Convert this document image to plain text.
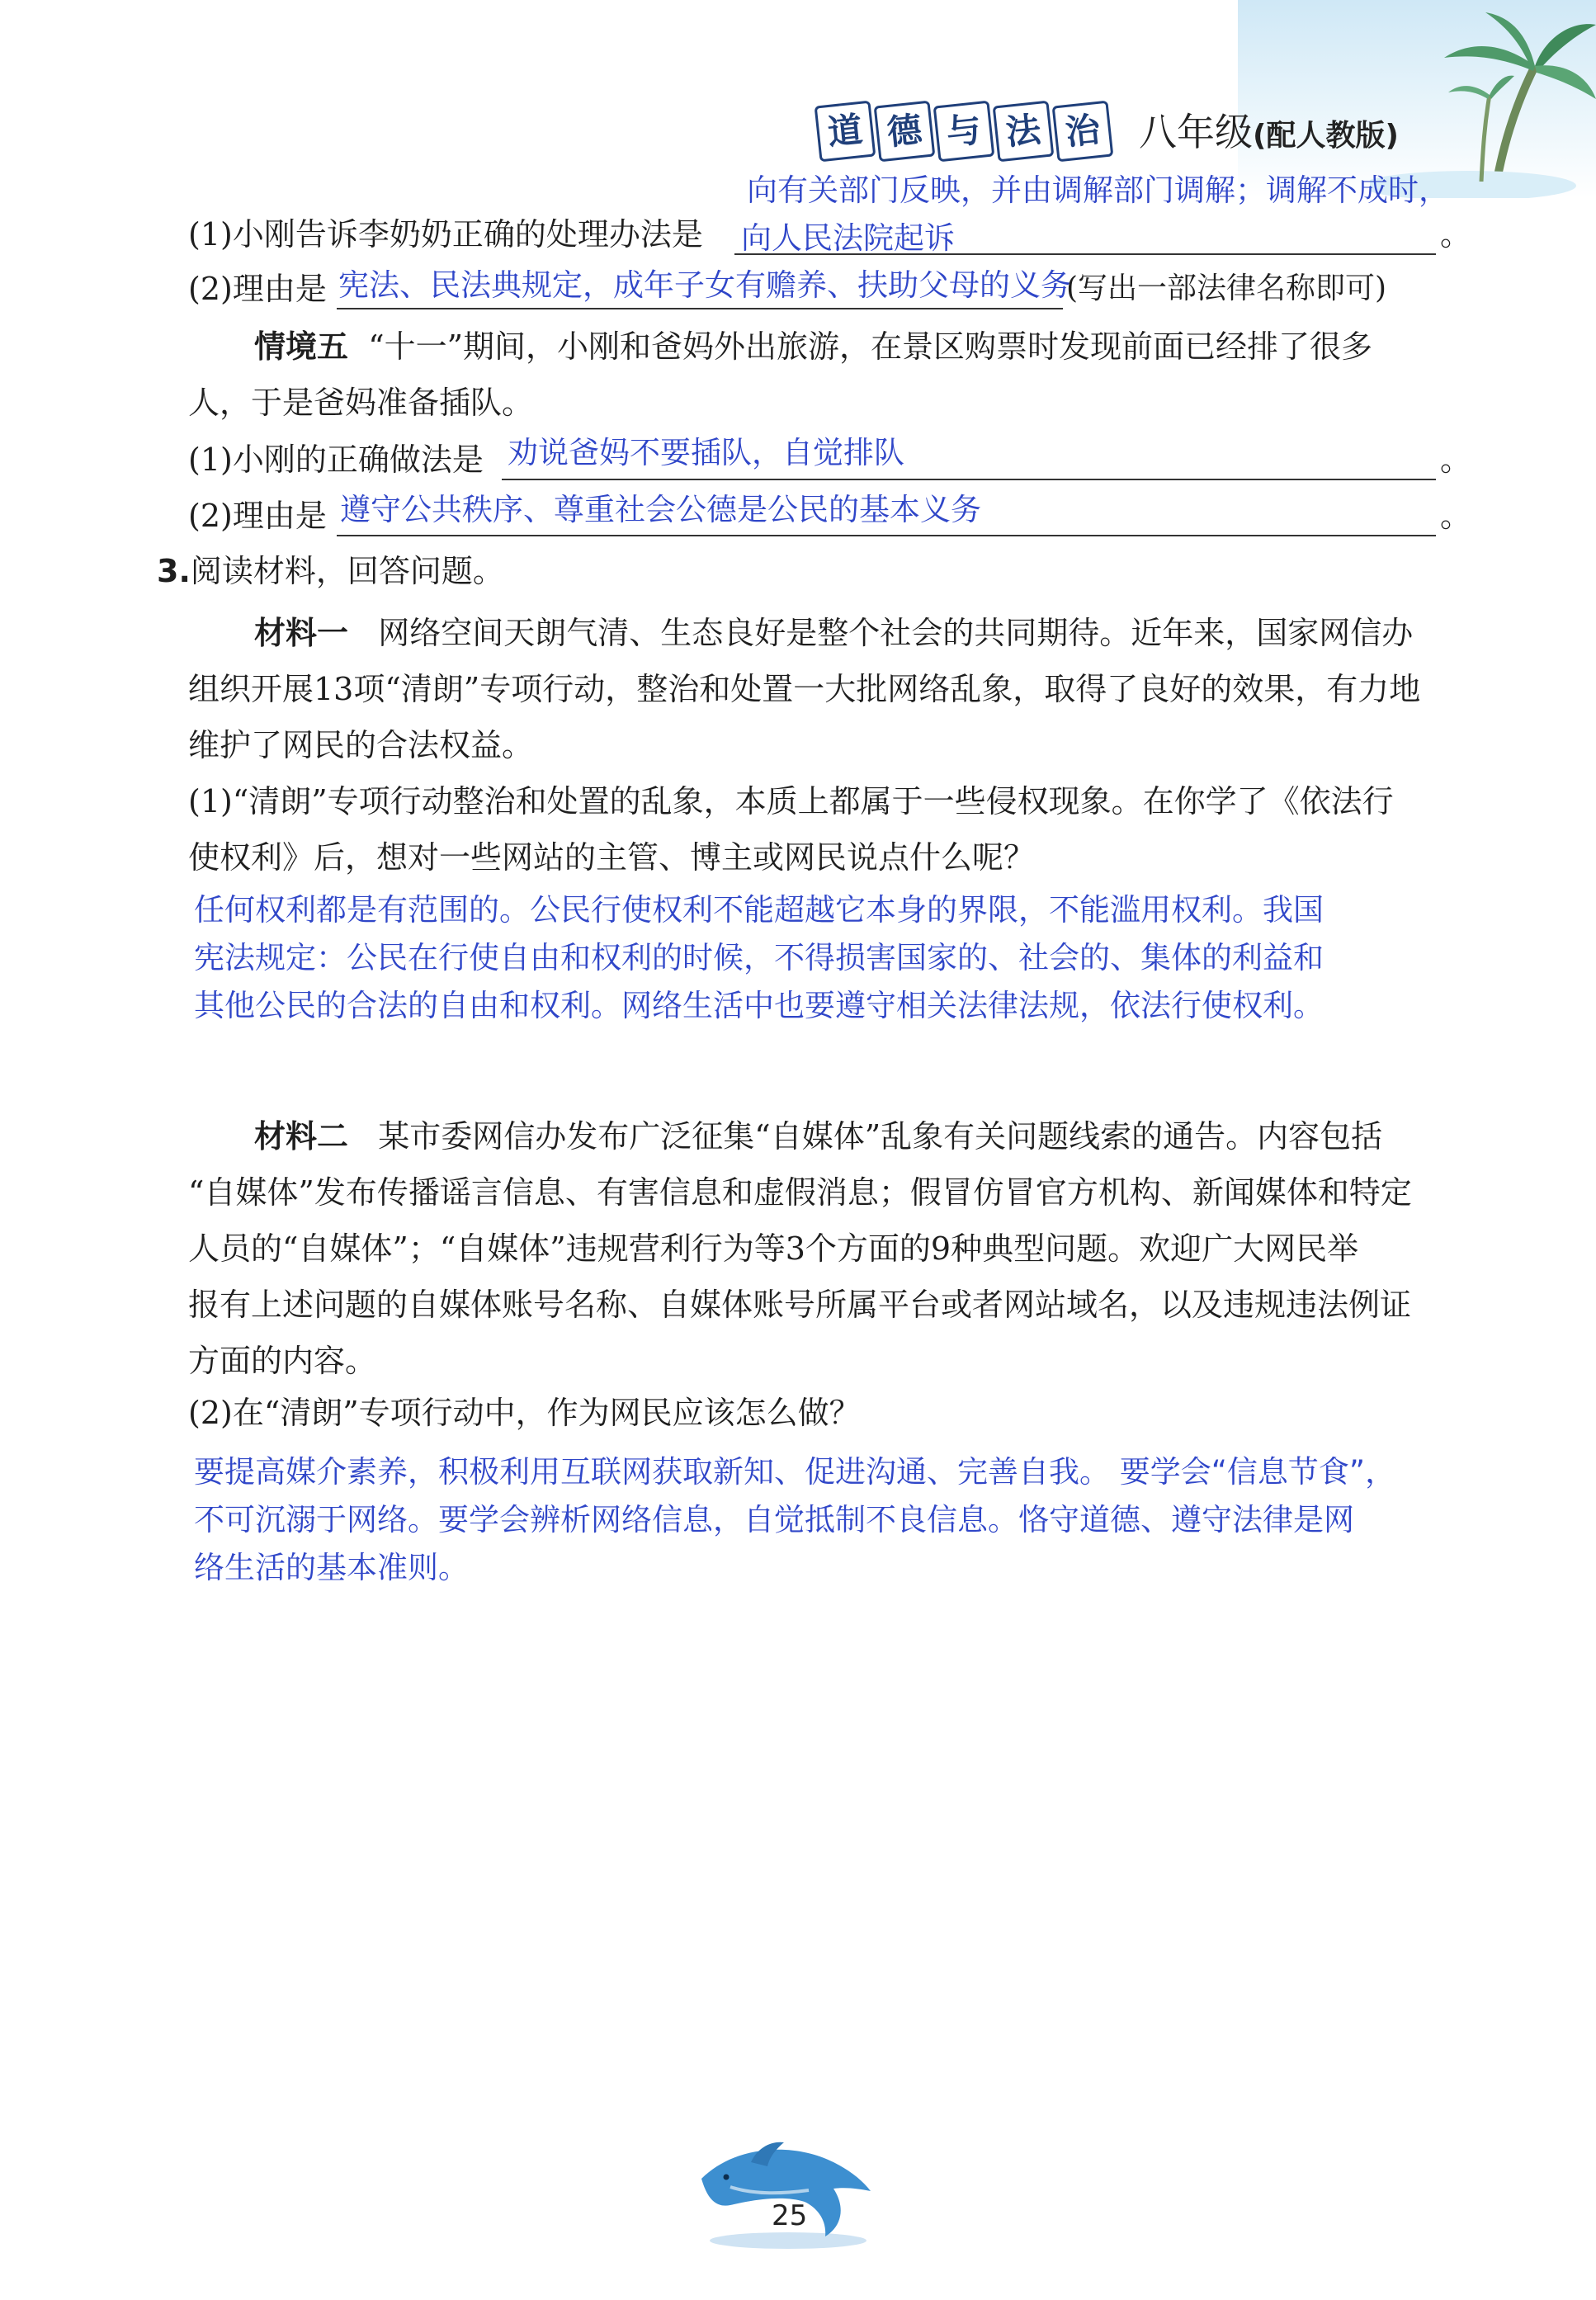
道 德 与 法 治 八年级(配人教版)
向有关部门反映，并由调解部门调解；调解不成时，
(1)小刚告诉李奶奶正确的处理办法是 向人民法院起诉	。
(2)理由是 宪法、民法典规定，成年子女有赡养、扶助父母的义务
(写出一部法律名称即可)
情境五 “十一”期间，小刚和爸妈外出旅游，在景区购票时发现前面已经排了很多
人，于是爸妈准备插队。
(1)小刚的正确做法是 劝说爸妈不要插队，自觉排队	。
(2)理由是 遵守公共秩序、尊重社会公德是公民的基本义务	。
3.阅读材料，回答问题。
材料一 网络空间天朗气清、生态良好是整个社会的共同期待。近年来，国家网信办
组织开展13项“清朗”专项行动，整治和处置一大批网络乱象，取得了良好的效果，有力地
维护了网民的合法权益。
(1)“清朗”专项行动整治和处置的乱象，本质上都属于一些侵权现象。在你学了《依法行
使权利》后，想对一些网站的主管、博主或网民说点什么呢？
任何权利都是有范围的。公民行使权利不能超越它本身的界限，不能滥用权利。我国
宪法规定：公民在行使自由和权利的时候，不得损害国家的、社会的、集体的利益和
其他公民的合法的自由和权利。网络生活中也要遵守相关法律法规，依法行使权利。
材料二 某市委网信办发布广泛征集“自媒体”乱象有关问题线索的通告。内容包括
“自媒体”发布传播谣言信息、有害信息和虚假消息；假冒仿冒官方机构、新闻媒体和特定
人员的“自媒体”；“自媒体”违规营利行为等3个方面的9种典型问题。欢迎广大网民举
报有上述问题的自媒体账号名称、自媒体账号所属平台或者网站域名，以及违规违法例证
方面的内容。
(2)在“清朗”专项行动中，作为网民应该怎么做？
要提高媒介素养，积极利用互联网获取新知、促进沟通、完善自我。 要学会“信息节食”，
不可沉溺于网络。要学会辨析网络信息，自觉抵制不良信息。恪守道德、遵守法律是网
络生活的基本准则。
25
